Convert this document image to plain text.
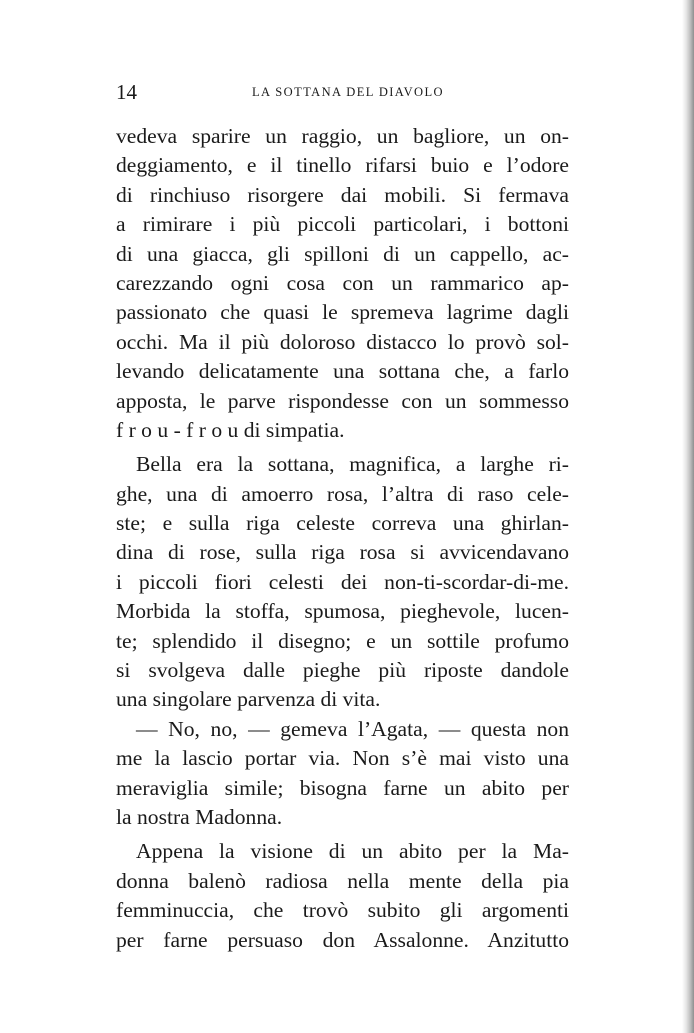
14	LA SOTTANA DEL DIAVOLO
vedeva sparire un raggio, un bagliore, un on-
deggiamento, e il tinello rifarsi buio e l’odore
di rinchiuso risorgere dai mobili. Si fermava
a rimirare i più piccoli particolari, i bottoni
di una giacca, gli spilloni di un cappello, ac-
carezzando ogni cosa con un rammarico ap-
passionato che quasi le spremeva lagrime dagli
occhi. Ma il più doloroso distacco lo provò sol-
levando delicatamente una sottana che, a farlo
apposta, le parve rispondesse con un sommesso
f r o u - f r o u di simpatia.
Bella era la sottana, magnifica, a larghe ri-
ghe, una di amoerro rosa, l’altra di raso cele-
ste; e sulla riga celeste correva una ghirlan-
dina di rose, sulla riga rosa si avvicendavano
i piccoli fiori celesti dei non-ti-scordar-di-me.
Morbida la stoffa, spumosa, pieghevole, lucen-
te; splendido il disegno; e un sottile profumo
si svolgeva dalle pieghe più riposte dandole
una singolare parvenza di vita.
— No, no, — gemeva l’Agata, — questa non
me la lascio portar via. Non s’è mai visto una
meraviglia simile; bisogna farne un abito per
la nostra Madonna.
Appena la visione di un abito per la Ma-
donna balenò radiosa nella mente della pia
femminuccia, che trovò subito gli argomenti
per farne persuaso don Assalonne. Anzitutto
